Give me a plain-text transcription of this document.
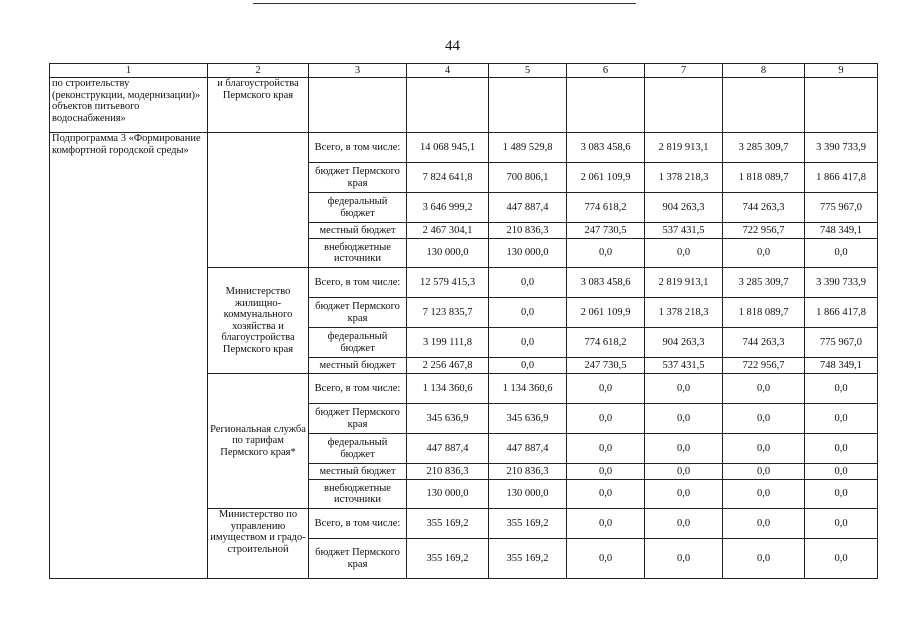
44
1	2	3	4	5	6	7	8	9
по строительству (реконструкции, модернизации)» объектов питьевого водоснабжения»	и благоустройства Пермского края							
Подпрограмма 3 «Формирование комфортной городской среды»		Всего, в том числе:	14 068 945,1	1 489 529,8	3 083 458,6	2 819 913,1	3 285 309,7	3 390 733,9
		бюджет Пермского края	7 824 641,8	700 806,1	2 061 109,9	1 378 218,3	1 818 089,7	1 866 417,8
		федеральный бюджет	3 646 999,2	447 887,4	774 618,2	904 263,3	744 263,3	775 967,0
		местный бюджет	2 467 304,1	210 836,3	247 730,5	537 431,5	722 956,7	748 349,1
		внебюджетные источники	130 000,0	130 000,0	0,0	0,0	0,0	0,0
	Министерство жилищно-коммунального хозяйства и благоустройства Пермского края	Всего, в том числе:	12 579 415,3	0,0	3 083 458,6	2 819 913,1	3 285 309,7	3 390 733,9
		бюджет Пермского края	7 123 835,7	0,0	2 061 109,9	1 378 218,3	1 818 089,7	1 866 417,8
		федеральный бюджет	3 199 111,8	0,0	774 618,2	904 263,3	744 263,3	775 967,0
		местный бюджет	2 256 467,8	0,0	247 730,5	537 431,5	722 956,7	748 349,1
	Региональная служба по тарифам Пермского края*	Всего, в том числе:	1 134 360,6	1 134 360,6	0,0	0,0	0,0	0,0
		бюджет Пермского края	345 636,9	345 636,9	0,0	0,0	0,0	0,0
		федеральный бюджет	447 887,4	447 887,4	0,0	0,0	0,0	0,0
		местный бюджет	210 836,3	210 836,3	0,0	0,0	0,0	0,0
		внебюджетные источники	130 000,0	130 000,0	0,0	0,0	0,0	0,0
	Министерство по управлению имуществом и градо-строительной	Всего, в том числе:	355 169,2	355 169,2	0,0	0,0	0,0	0,0
		бюджет Пермского края	355 169,2	355 169,2	0,0	0,0	0,0	0,0
